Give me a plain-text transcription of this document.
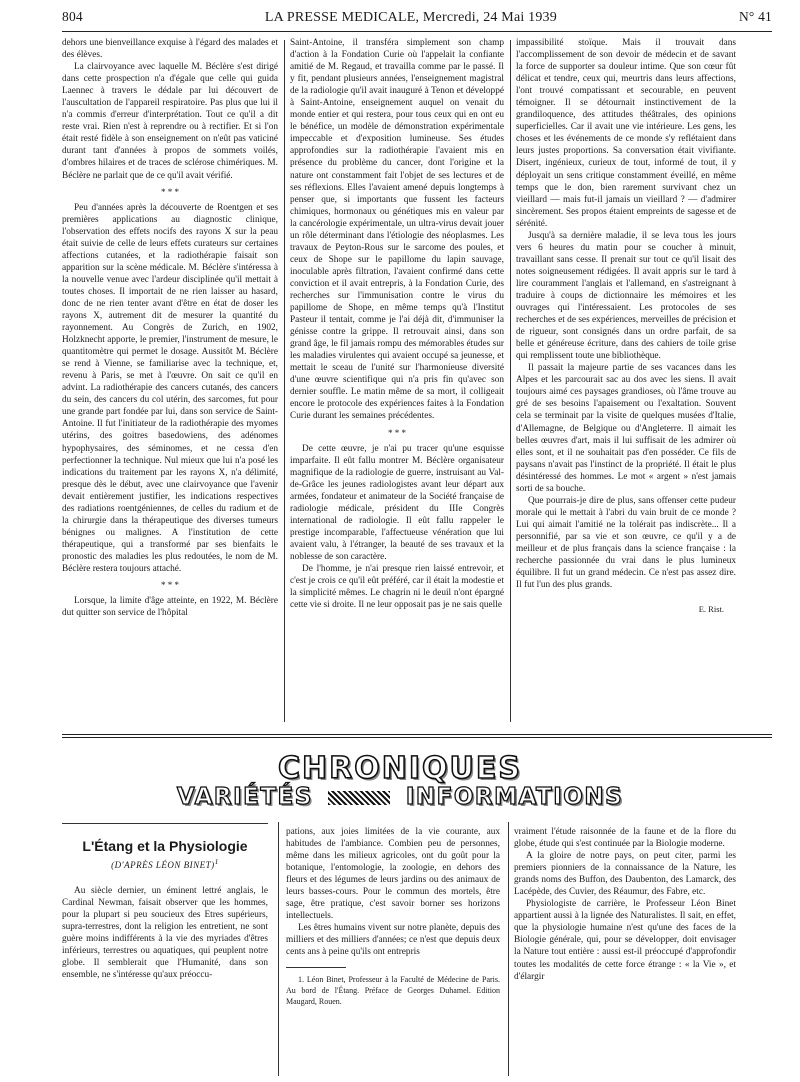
804	LA PRESSE MEDICALE, Mercredi, 24 Mai 1939	N° 41

dehors une bienveillance exquise à l'égard des malades et des élèves.

La clairvoyance avec laquelle M. Béclère s'est dirigé dans cette prospection n'a d'égale que celle qui guida Laennec à travers le dédale par lui découvert de l'auscultation de l'appareil respiratoire. Pas plus que lui il n'a commis d'erreur d'interprétation. Tout ce qu'il a dit reste vrai. Rien n'est à reprendre ou à rectifier. Et si l'on était resté fidèle à son enseignement on n'eût pas vaticiné durant tant d'années à propos de sommets voilés, d'ombres hilaires et de traces de sclérose chimériques. M. Béclère ne parlait que de ce qu'il avait vérifié.

* * *

Peu d'années après la découverte de Roentgen et ses premières applications au diagnostic clinique, l'observation des effets nocifs des rayons X sur la peau était suivie de celle de leurs effets curateurs sur certaines affections cutanées, et la radiothérapie faisait son apparition sur la scène médicale. M. Béclère s'intéressa à la nouvelle venue avec l'ardeur disciplinée qu'il mettait à toutes choses. Il importait de ne rien laisser au hasard, donc de ne rien tenter avant d'être en état de doser les rayons X, autrement dit de mesurer la quantité du rayonnement. Au Congrès de Zurich, en 1902, Holzknecht apporte, le premier, l'instrument de mesure, le quantitomètre qui permet le dosage. Aussitôt M. Béclère se rend à Vienne, se familiarise avec la technique, et, revenu à Paris, se met à l'œuvre. On sait ce qu'il en advint. La radiothérapie des cancers cutanés, des cancers du sein, des cancers du col utérin, des sarcomes, fut pour une grande part fondée par lui, dans son service de Saint-Antoine. Il fut l'initiateur de la radiothérapie des myomes utérins, des goitres basedowiens, des adénomes hypophysaires, des séminomes, et ne cessa d'en perfectionner la technique. Nul mieux que lui n'a posé les indications du traitement par les rayons X, n'a délimité, presque dès le début, avec une clairvoyance que l'avenir devait entièrement justifier, les indications respectives des radiations roentgéniennes, de celles du radium et de la chirurgie dans la thérapeutique des diverses tumeurs bénignes ou malignes. A l'institution de cette thérapeutique, qui a transformé par ses bienfaits le pronostic des maladies les plus redoutées, le nom de M. Béclère restera toujours attaché.

* * *

Lorsque, la limite d'âge atteinte, en 1922, M. Béclère dut quitter son service de l'hôpital

Saint-Antoine, il transféra simplement son champ d'action à la Fondation Curie où l'appelait la confiante amitié de M. Regaud, et travailla comme par le passé. Il y fit, pendant plusieurs années, l'enseignement magistral de la radiologie qu'il avait inauguré à Tenon et développé à Saint-Antoine, enseignement auquel on venait du monde entier et qui restera, pour tous ceux qui en ont eu le bénéfice, un modèle de démonstration expérimentale impeccable et d'exposition lumineuse. Ses études approfondies sur la radiothérapie l'avaient mis en présence du problème du cancer, dont l'origine et la nature ont constamment fait l'objet de ses lectures et de ses réflexions. Elles l'avaient amené depuis longtemps à penser que, si importants que fussent les facteurs chimiques, hormonaux ou génétiques mis en valeur par la cancérologie expérimentale, un ultra-virus devait jouer un rôle déterminant dans l'étiologie des néoplasmes. Les travaux de Peyton-Rous sur le sarcome des poules, et ceux de Shope sur le papillome du lapin sauvage, inoculable après filtration, l'avaient confirmé dans cette conviction et il avait entrepris, à la Fondation Curie, des recherches sur l'immunisation contre le virus du papillome de Shope, en même temps qu'à l'Institut Pasteur il tentait, comme je l'ai déjà dit, d'immuniser la génisse contre la grippe. Il retrouvait ainsi, dans son grand âge, le fil jamais rompu des mémorables études sur les maladies virulentes qui avaient occupé sa jeunesse, et mettait le sceau de l'unité sur l'harmonieuse diversité d'une œuvre scientifique qui n'a pris fin qu'avec son dernier souffle. Le matin même de sa mort, il colligeait encore le protocole des expériences faites à la Fondation Curie durant les semaines précédentes.

* * *

De cette œuvre, je n'ai pu tracer qu'une esquisse imparfaite. Il eût fallu montrer M. Béclère organisateur magnifique de la radiologie de guerre, instruisant au Val-de-Grâce les jeunes radiologistes avant leur départ aux armées, fondateur et animateur de la Société française de radiologie médicale, président du IIIe Congrès international de radiologie. Il eût fallu rappeler le prestige incomparable, l'affectueuse vénération que lui avaient valu, à l'étranger, la beauté de ses travaux et la noblesse de son caractère.

De l'homme, je n'ai presque rien laissé entrevoir, et c'est je crois ce qu'il eût préféré, car il était la modestie et la simplicité mêmes. Le chagrin ni le deuil n'ont épargné cette vie si droite. Il ne leur opposait pas je ne sais quelle

impassibilité stoïque. Mais il trouvait dans l'accomplissement de son devoir de médecin et de savant la force de supporter sa douleur intime. Que son cœur fût délicat et tendre, ceux qui, meurtris dans leurs affections, l'ont trouvé compatissant et secourable, en peuvent témoigner. Il se détournait instinctivement de la grandiloquence, des attitudes théâtrales, des opinions superficielles. Car il avait une vie intérieure. Les gens, les choses et les événements de ce monde s'y reflétaient dans leurs justes proportions. Sa conversation était vivifiante. Disert, ingénieux, curieux de tout, informé de tout, il y déployait un sens critique constamment éveillé, en même temps que le don, bien rarement survivant chez un vieillard — mais fut-il jamais un vieillard ? — d'admirer sincèrement. Ses propos étaient empreints de sagesse et de sérénité.

Jusqu'à sa dernière maladie, il se leva tous les jours vers 6 heures du matin pour se coucher à minuit, travaillant sans cesse. Il prenait sur tout ce qu'il lisait des notes soigneusement rédigées. Il avait appris sur le tard à lire couramment l'anglais et l'allemand, en s'astreignant à traduire à coups de dictionnaire les mémoires et les ouvrages qui l'intéressaient. Les protocoles de ses recherches et de ses expériences, merveilles de précision et de rigueur, sont consignés dans un ordre parfait, de sa belle et généreuse écriture, dans des cahiers de toile grise qui remplissent toute une bibliothèque.

Il passait la majeure partie de ses vacances dans les Alpes et les parcourait sac au dos avec les siens. Il avait toujours aimé ces paysages grandioses, où l'âme trouve au gré de ses besoins l'apaisement ou l'exaltation. Souvent cela se terminait par la visite de quelques musées d'Italie, d'Allemagne, de Belgique ou d'Angleterre. Il aimait les belles œuvres d'art, mais il lui suffisait de les admirer où elles sont, et il ne souhaitait pas d'en posséder. Ce fils de paysans n'avait pas l'instinct de la propriété. Il était le plus désintéressé des hommes. Le mot « argent » n'est jamais sorti de sa bouche.

Que pourrais-je dire de plus, sans offenser cette pudeur morale qui le mettait à l'abri du vain bruit de ce monde ? Lui qui aimait l'amitié ne la tolérait pas indiscrète... Il a personnifié, par sa vie et son œuvre, ce qu'il y a de meilleur et de plus français dans la science française : la recherche passionnée du vrai dans le plus lumineux équilibre. Il fut un grand médecin. Ce n'est pas assez dire. Il fut l'un des plus grands.

E. Rist.
CHRONIQUES
VARIÉTÉS	INFORMATIONS
L'Étang et la Physiologie
(D'APRÈS LÉON BINET)$^1$

Au siècle dernier, un éminent lettré anglais, le Cardinal Newman, faisait observer que les hommes, pour la plupart si peu soucieux des Etres supérieurs, supra-terrestres, dont la religion les entretient, ne sont guère moins indifférents à la vie des myriades d'êtres inférieurs, terrestres ou aquatiques, qui peuplent notre globe. Il semblerait que l'Humanité, dans son ensemble, ne s'intéresse qu'aux préoccu-

pations, aux joies limitées de la vie courante, aux habitudes de l'ambiance. Combien peu de personnes, même dans les milieux agricoles, ont du goût pour la botanique, l'entomologie, la zoologie, en dehors des fleurs et des légumes de leurs jardins ou des animaux de leurs basses-cours. Pour le commun des mortels, être sage, être pratique, c'est savoir borner ses horizons intellectuels.

Les êtres humains vivent sur notre planète, depuis des milliers et des milliers d'années; ce n'est que depuis deux cents ans à peine qu'ils ont entrepris

1. Léon Binet, Professeur à la Faculté de Médecine de Paris. Au bord de l'Étang. Préface de Georges Duhamel. Edition Maugard, Rouen.

vraiment l'étude raisonnée de la faune et de la flore du globe, étude qui s'est continuée par la Biologie moderne.

A la gloire de notre pays, on peut citer, parmi les premiers pionniers de la connaissance de la Nature, les grands noms des Buffon, des Daubenton, des Lamarck, des Lacépède, des Cuvier, des Réaumur, des Fabre, etc.

Physiologiste de carrière, le Professeur Léon Binet appartient aussi à la lignée des Naturalistes. Il sait, en effet, que la physiologie humaine n'est qu'une des faces de la Biologie générale, qui, pour se développer, doit envisager la Nature tout entière : aussi est-il préoccupé d'approfondir toutes les modalités de cette force étrange : « la Vie », et d'élargir
